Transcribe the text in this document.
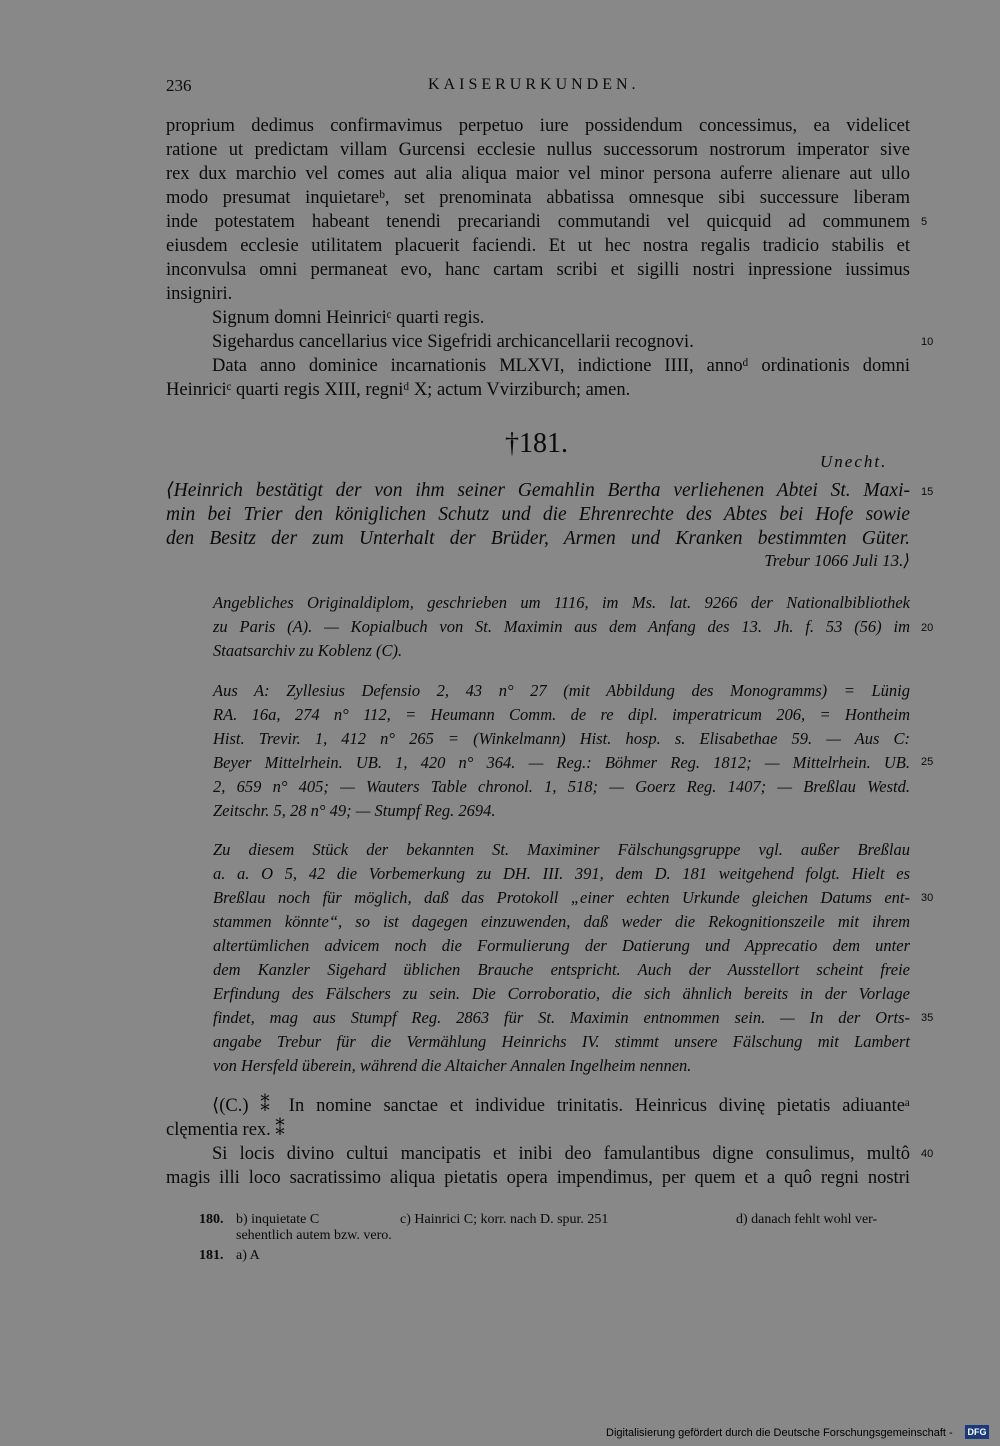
236	KAISERURKUNDEN.
proprium dedimus confirmavimus perpetuo iure possidendum concessimus, ea videlicet
ratione ut predictam villam Gurcensi ecclesie nullus successorum nostrorum imperator sive
rex dux marchio vel comes aut alia aliqua maior vel minor persona auferre alienare aut ullo
modo presumat inquietareᵇ, set prenominata abbatissa omnesque sibi successure liberam
inde potestatem habeant tenendi precariandi commutandi vel quicquid ad communem
eiusdem ecclesie utilitatem placuerit faciendi. Et ut hec nostra regalis tradicio stabilis et
inconvulsa omni permaneat evo, hanc cartam scribi et sigilli nostri inpressione iussimus
insigniri.
Signum domni Heinriciᶜ quarti regis.
Sigehardus cancellarius vice Sigefridi archicancellarii recognovi.
Data anno dominice incarnationis MLXVI, indictione IIII, annoᵈ ordinationis domni
Heinriciᶜ quarti regis XIII, regniᵈ X; actum Vvirziburch; amen.
†181.
Unecht.
⟨Heinrich bestätigt der von ihm seiner Gemahlin Bertha verliehenen Abtei St. Maxi-
min bei Trier den königlichen Schutz und die Ehrenrechte des Abtes bei Hofe sowie
den Besitz der zum Unterhalt der Brüder, Armen und Kranken bestimmten Güter.
Trebur 1066 Juli 13.⟩
Angebliches Originaldiplom, geschrieben um 1116, im Ms. lat. 9266 der Nationalbibliothek
zu Paris (A). — Kopialbuch von St. Maximin aus dem Anfang des 13. Jh. f. 53 (56) im
Staatsarchiv zu Koblenz (C).
Aus A: Zyllesius Defensio 2, 43 n° 27 (mit Abbildung des Monogramms) = Lünig
RA. 16a, 274 n° 112, = Heumann Comm. de re dipl. imperatricum 206, = Hontheim
Hist. Trevir. 1, 412 n° 265 = (Winkelmann) Hist. hosp. s. Elisabethae 59. — Aus C:
Beyer Mittelrhein. UB. 1, 420 n° 364. — Reg.: Böhmer Reg. 1812; — Mittelrhein. UB.
2, 659 n° 405; — Wauters Table chronol. 1, 518; — Goerz Reg. 1407; — Breßlau Westd.
Zeitschr. 5, 28 n° 49; — Stumpf Reg. 2694.
Zu diesem Stück der bekannten St. Maximiner Fälschungsgruppe vgl. außer Breßlau
a. a. O 5, 42 die Vorbemerkung zu DH. III. 391, dem D. 181 weitgehend folgt. Hielt es
Breßlau noch für möglich, daß das Protokoll „einer echten Urkunde gleichen Datums ent-
stammen könnte“, so ist dagegen einzuwenden, daß weder die Rekognitionszeile mit ihrem
altertümlichen advicem noch die Formulierung der Datierung und Apprecatio dem unter
dem Kanzler Sigehard üblichen Brauche entspricht. Auch der Ausstellort scheint freie
Erfindung des Fälschers zu sein. Die Corroboratio, die sich ähnlich bereits in der Vorlage
findet, mag aus Stumpf Reg. 2863 für St. Maximin entnommen sein. — In der Orts-
angabe Trebur für die Vermählung Heinrichs IV. stimmt unsere Fälschung mit Lambert
von Hersfeld überein, während die Altaicher Annalen Ingelheim nennen.
⟨(C.) ⁑ In nomine sanctae et individue trinitatis. Heinricus divinę pietatis adiuanteᵃ
clęmentia rex. ⁑
Si locis divino cultui mancipatis et inibi deo famulantibus digne consulimus, multô
magis illi loco sacratissimo aliqua pietatis opera impendimus, per quem et a quô regni nostri
5
10
15
20
25
30
35
40
180. b) inquietate C	c) Hainrici C; korr. nach D. spur. 251	d) danach fehlt wohl ver-
sehentlich autem bzw. vero.
181. a) A
Digitalisierung gefördert durch die Deutsche Forschungsgemeinschaft - DFG
